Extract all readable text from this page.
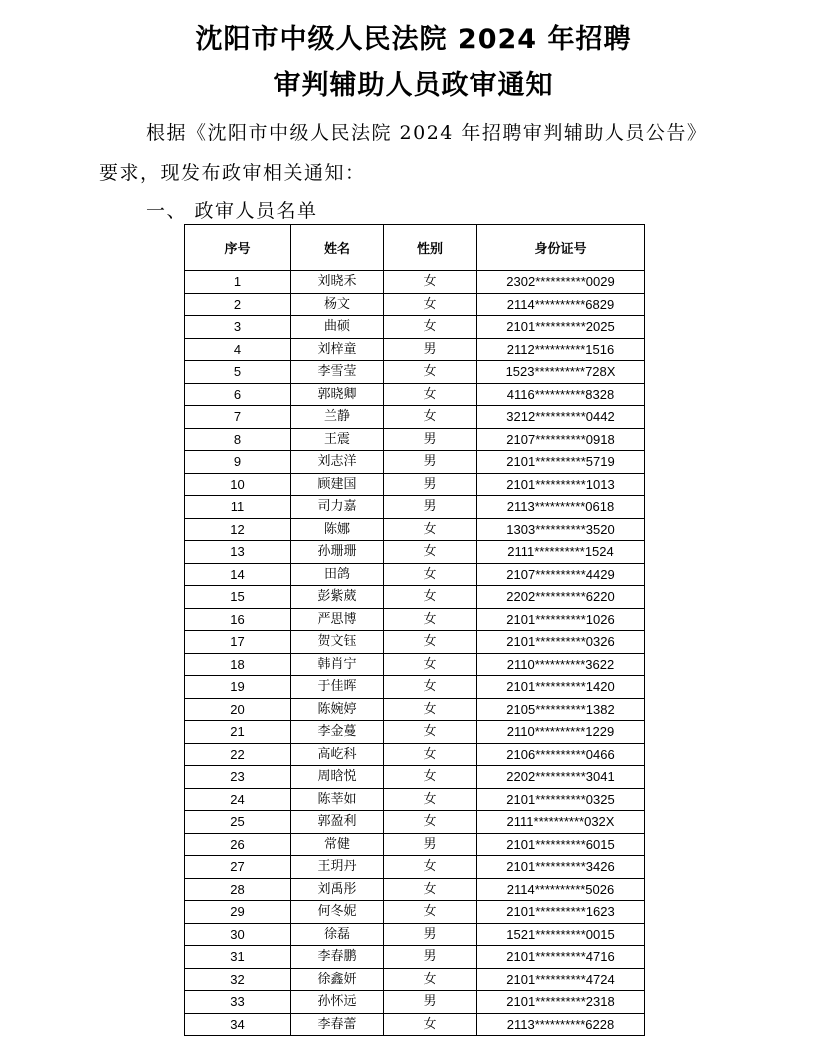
沈阳市中级人民法院 2024 年招聘
审判辅助人员政审通知
根据《沈阳市中级人民法院 2024 年招聘审判辅助人员公告》
要求，现发布政审相关通知：
一、 政审人员名单
序号	姓名	性别	身份证号
1	刘晓禾	女	2302**********0029
2	杨文	女	2114**********6829
3	曲硕	女	2101**********2025
4	刘梓童	男	2112**********1516
5	李雪莹	女	1523**********728X
6	郭晓卿	女	4116**********8328
7	兰静	女	3212**********0442
8	王震	男	2107**********0918
9	刘志洋	男	2101**********5719
10	顾建国	男	2101**********1013
11	司力嘉	男	2113**********0618
12	陈娜	女	1303**********3520
13	孙珊珊	女	2111**********1524
14	田鸽	女	2107**********4429
15	彭紫葳	女	2202**********6220
16	严思博	女	2101**********1026
17	贺文钰	女	2101**********0326
18	韩肖宁	女	2110**********3622
19	于佳晖	女	2101**********1420
20	陈婉婷	女	2105**********1382
21	李金蔓	女	2110**********1229
22	高屹科	女	2106**********0466
23	周晗悦	女	2202**********3041
24	陈莘如	女	2101**********0325
25	郭盈利	女	2111**********032X
26	常健	男	2101**********6015
27	王玥丹	女	2101**********3426
28	刘禹彤	女	2114**********5026
29	何冬妮	女	2101**********1623
30	徐磊	男	1521**********0015
31	李春鹏	男	2101**********4716
32	徐鑫妍	女	2101**********4724
33	孙怀远	男	2101**********2318
34	李春蕾	女	2113**********6228
